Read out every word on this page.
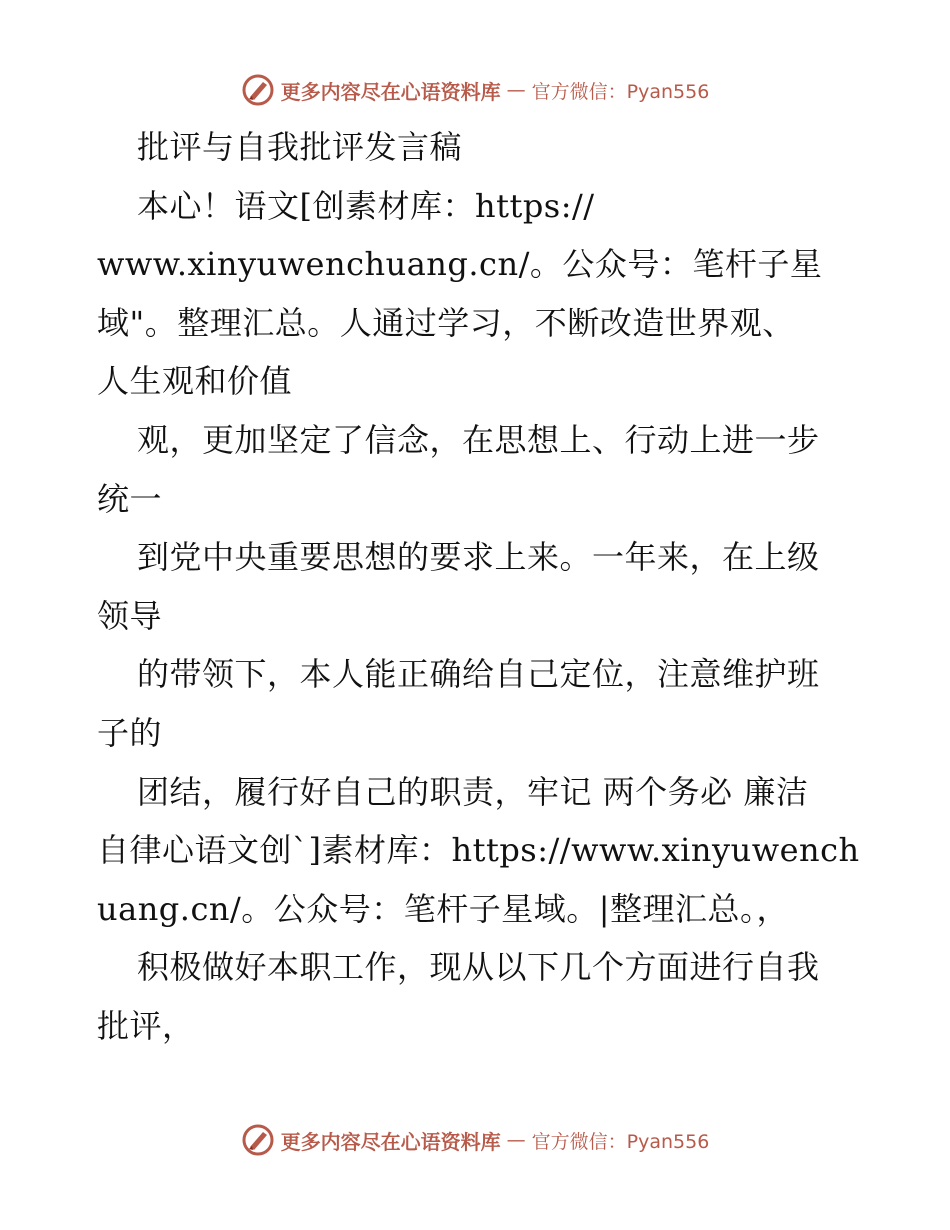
更多内容尽在心语资料库 — 官方微信：Pyan556
批评与自我批评发言稿
本心！语文[创素材库：https://
www.xinyuwenchuang.cn/。公众号：笔杆子星
域"。整理汇总。人通过学习，不断改造世界观、
人生观和价值
观，更加坚定了信念，在思想上、行动上进一步
统一
到党中央重要思想的要求上来。一年来，在上级
领导
的带领下，本人能正确给自己定位，注意维护班
子的
团结，履行好自己的职责，牢记 两个务必 廉洁
自律心语文创`]素材库：https://www.xinyuwench
uang.cn/。公众号：笔杆子星域。|整理汇总。，
积极做好本职工作，现从以下几个方面进行自我
批评，
更多内容尽在心语资料库 — 官方微信：Pyan556
